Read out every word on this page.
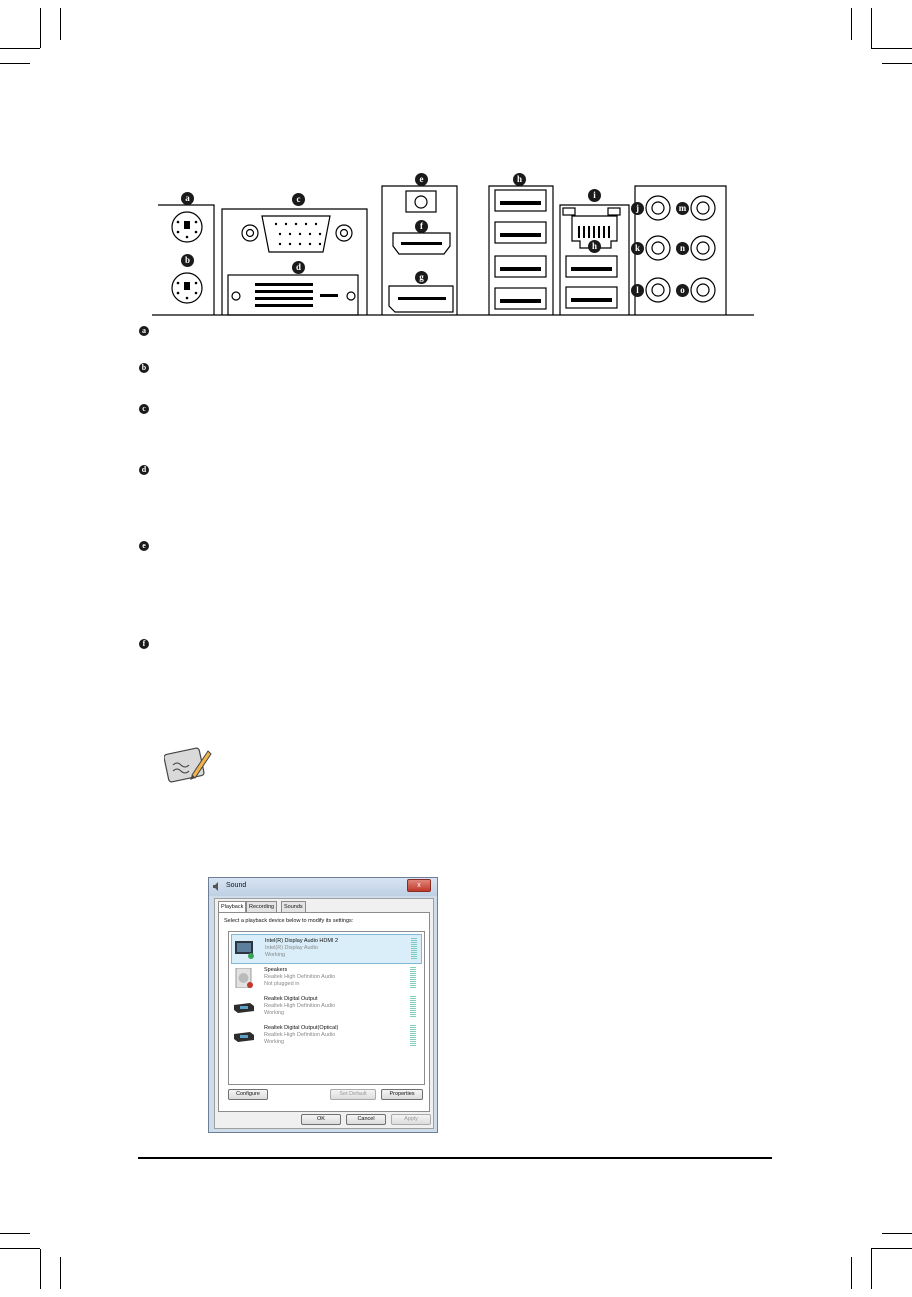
a
b
c
d
e
f
g
h
i
h
j
k
l
m
n
o
a
b
c
d
e
f
Sound	x
Playback	Recording	Sounds
Select a playback device below to modify its settings:
Intel(R) Display Audio HDMI 2
Intel(R) Display Audio
Working
Speakers
Realtek High Definition Audio
Not plugged in
Realtek Digital Output
Realtek High Definition Audio
Working
Realtek Digital Output(Optical)
Realtek High Definition Audio
Working
Configure	Set Default	Properties
OK	Cancel	Apply
